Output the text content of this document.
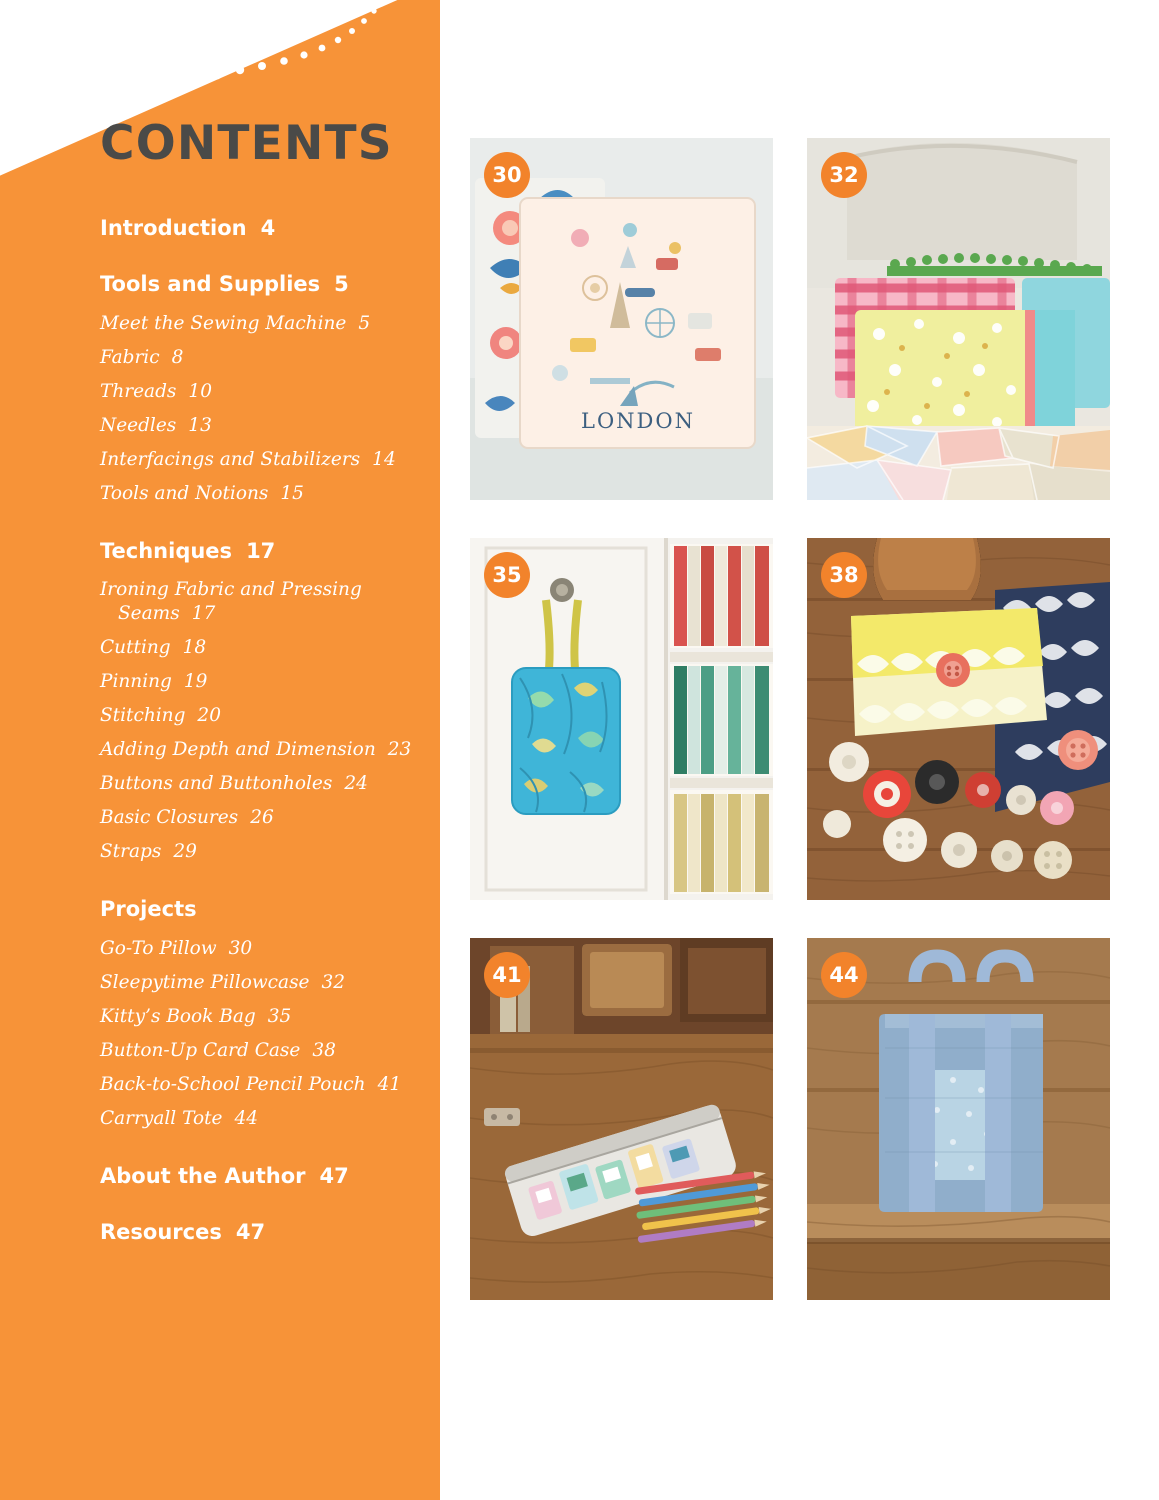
CONTENTS
Introduction 4
Tools and Supplies 5
Meet the Sewing Machine 5
Fabric 8
Threads 10
Needles 13
Interfacings and Stabilizers 14
Tools and Notions 15
Techniques 17
Ironing Fabric and Pressing
Seams 17
Cutting 18
Pinning 19
Stitching 20
Adding Depth and Dimension 23
Buttons and Buttonholes 24
Basic Closures 26
Straps 29
Projects
Go-To Pillow 30
Sleepytime Pillowcase 32
Kitty’s Book Bag 35
Button-Up Card Case 38
Back-to-School Pencil Pouch 41
Carryall Tote 44
About the Author 47
Resources 47
LONDON
30	32
35	38
41	44
